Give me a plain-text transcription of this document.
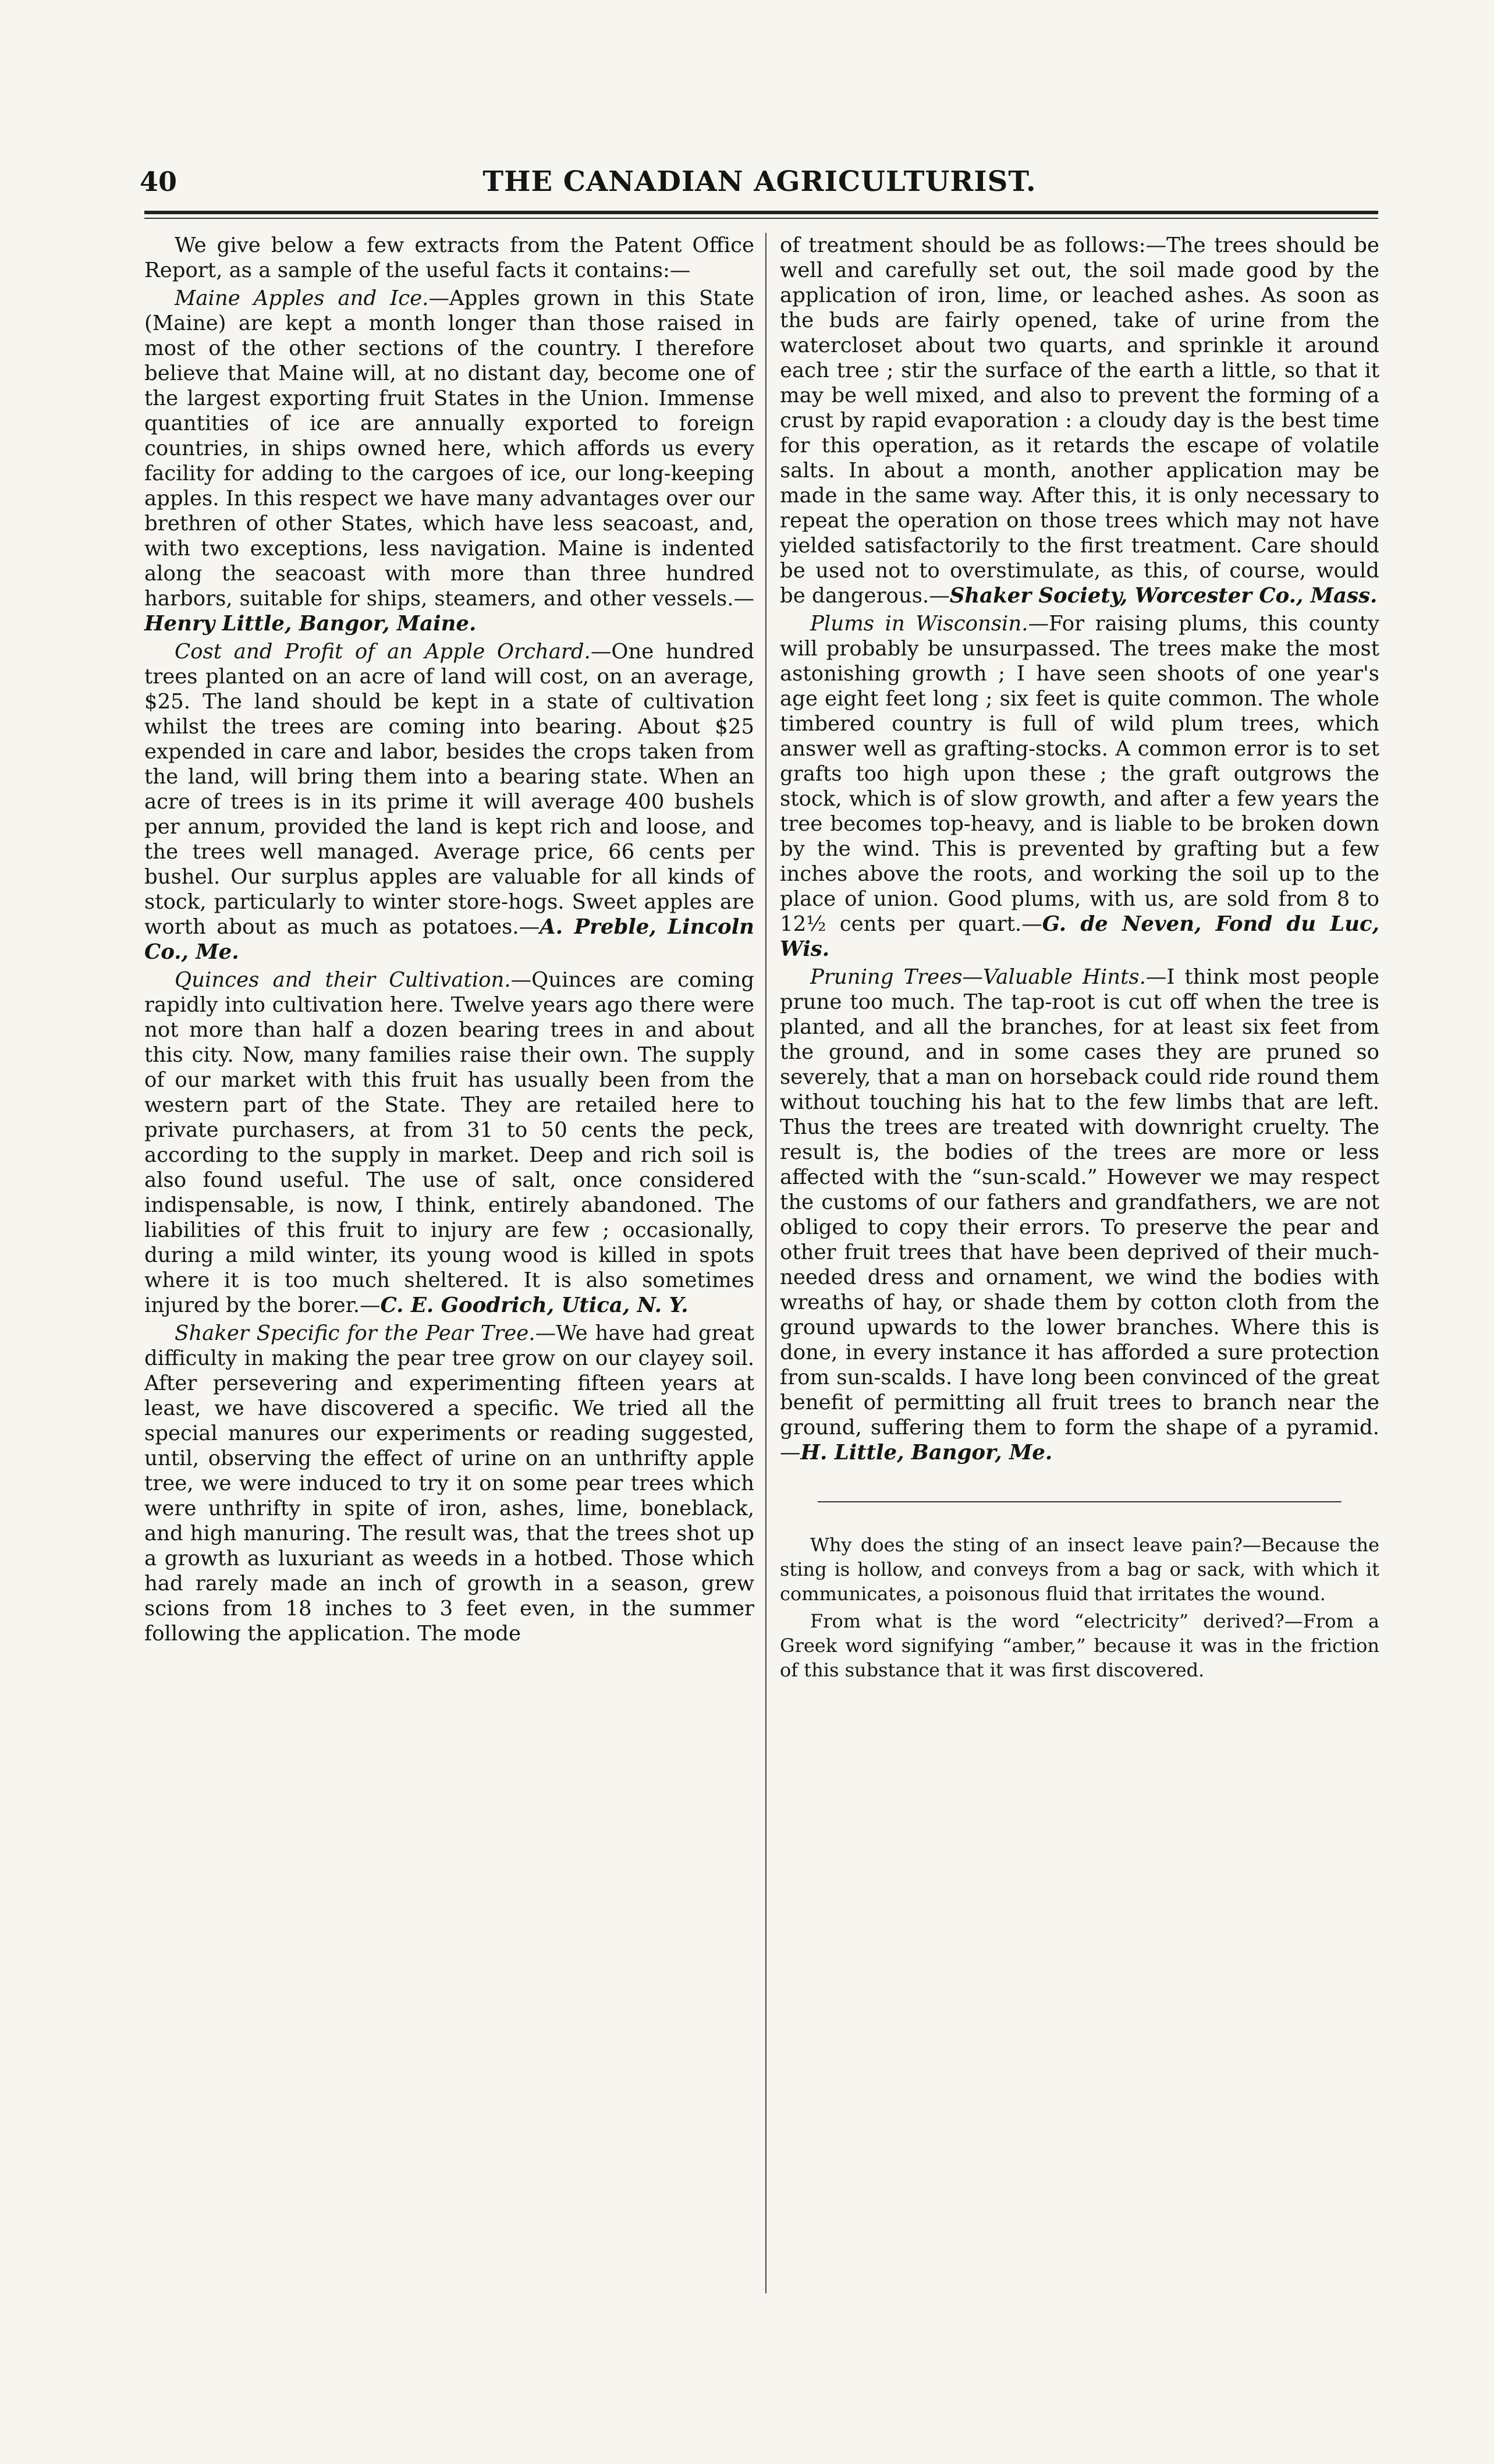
40	THE CANADIAN AGRICULTURIST.

We give below a few extracts from the Patent Office Report, as a sample of the useful facts it contains:—

Maine Apples and Ice.—Apples grown in this State (Maine) are kept a month longer than those raised in most of the other sections of the country. I therefore believe that Maine will, at no distant day, become one of the largest exporting fruit States in the Union. Immense quantities of ice are annually exported to foreign countries, in ships owned here, which affords us every facility for adding to the cargoes of ice, our long-keeping apples. In this respect we have many advantages over our brethren of other States, which have less seacoast, and, with two exceptions, less navigation. Maine is indented along the seacoast with more than three hundred harbors, suitable for ships, steamers, and other vessels.—Henry Little, Bangor, Maine.

Cost and Profit of an Apple Orchard.—One hundred trees planted on an acre of land will cost, on an average, $25. The land should be kept in a state of cultivation whilst the trees are coming into bearing. About $25 expended in care and labor, besides the crops taken from the land, will bring them into a bearing state. When an acre of trees is in its prime it will average 400 bushels per annum, provided the land is kept rich and loose, and the trees well managed. Average price, 66 cents per bushel. Our surplus apples are valuable for all kinds of stock, particularly to winter store-hogs. Sweet apples are worth about as much as potatoes.—A. Preble, Lincoln Co., Me.

Quinces and their Cultivation.—Quinces are coming rapidly into cultivation here. Twelve years ago there were not more than half a dozen bearing trees in and about this city. Now, many families raise their own. The supply of our market with this fruit has usually been from the western part of the State. They are retailed here to private purchasers, at from 31 to 50 cents the peck, according to the supply in market. Deep and rich soil is also found useful. The use of salt, once considered indispensable, is now, I think, entirely abandoned. The liabilities of this fruit to injury are few ; occasionally, during a mild winter, its young wood is killed in spots where it is too much sheltered. It is also sometimes injured by the borer.—C. E. Goodrich, Utica, N. Y.

Shaker Specific for the Pear Tree.—We have had great difficulty in making the pear tree grow on our clayey soil. After persevering and experimenting fifteen years at least, we have discovered a specific. We tried all the special manures our experiments or reading suggested, until, observing the effect of urine on an unthrifty apple tree, we were induced to try it on some pear trees which were unthrifty in spite of iron, ashes, lime, boneblack, and high manuring. The result was, that the trees shot up a growth as luxuriant as weeds in a hotbed. Those which had rarely made an inch of growth in a season, grew scions from 18 inches to 3 feet even, in the summer following the application. The mode

of treatment should be as follows:—The trees should be well and carefully set out, the soil made good by the application of iron, lime, or leached ashes. As soon as the buds are fairly opened, take of urine from the watercloset about two quarts, and sprinkle it around each tree ; stir the surface of the earth a little, so that it may be well mixed, and also to prevent the forming of a crust by rapid evaporation : a cloudy day is the best time for this operation, as it retards the escape of volatile salts. In about a month, another application may be made in the same way. After this, it is only necessary to repeat the operation on those trees which may not have yielded satisfactorily to the first treatment. Care should be used not to overstimulate, as this, of course, would be dangerous.—Shaker Society, Worcester Co., Mass.

Plums in Wisconsin.—For raising plums, this county will probably be unsurpassed. The trees make the most astonishing growth ; I have seen shoots of one year's age eight feet long ; six feet is quite common. The whole timbered country is full of wild plum trees, which answer well as grafting-stocks. A common error is to set grafts too high upon these ; the graft outgrows the stock, which is of slow growth, and after a few years the tree becomes top-heavy, and is liable to be broken down by the wind. This is prevented by grafting but a few inches above the roots, and working the soil up to the place of union. Good plums, with us, are sold from 8 to 12½ cents per quart.—G. de Neven, Fond du Luc, Wis.

Pruning Trees—Valuable Hints.—I think most people prune too much. The tap-root is cut off when the tree is planted, and all the branches, for at least six feet from the ground, and in some cases they are pruned so severely, that a man on horseback could ride round them without touching his hat to the few limbs that are left. Thus the trees are treated with downright cruelty. The result is, the bodies of the trees are more or less affected with the “sun-scald.” However we may respect the customs of our fathers and grandfathers, we are not obliged to copy their errors. To preserve the pear and other fruit trees that have been deprived of their much-needed dress and ornament, we wind the bodies with wreaths of hay, or shade them by cotton cloth from the ground upwards to the lower branches. Where this is done, in every instance it has afforded a sure protection from sun-scalds. I have long been convinced of the great benefit of permitting all fruit trees to branch near the ground, suffering them to form the shape of a pyramid.—H. Little, Bangor, Me.

Why does the sting of an insect leave pain?—Because the sting is hollow, and conveys from a bag or sack, with which it communicates, a poisonous fluid that irritates the wound.

From what is the word “electricity” derived?—From a Greek word signifying “amber,” because it was in the friction of this substance that it was first discovered.
